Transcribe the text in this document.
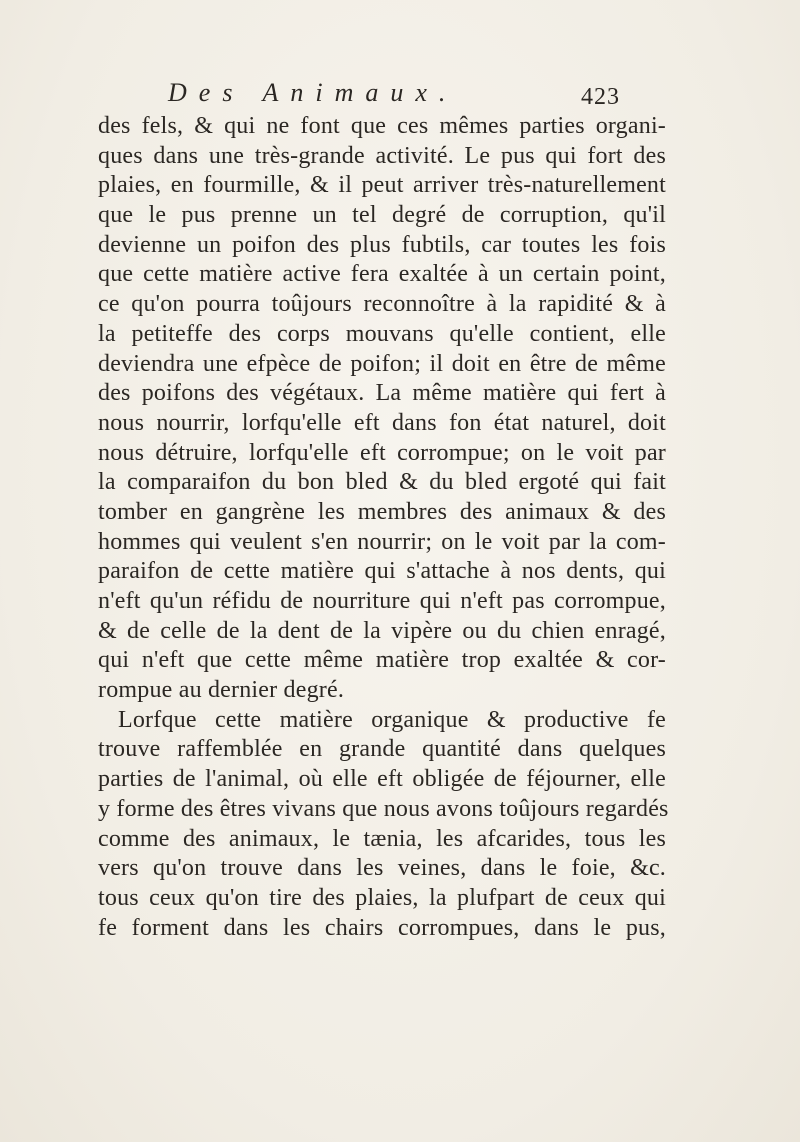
Des Animaux.	423
des fels, & qui ne font que ces mêmes parties organi-
ques dans une très-grande activité. Le pus qui fort des
plaies, en fourmille, & il peut arriver très-naturellement
que le pus prenne un tel degré de corruption, qu'il
devienne un poifon des plus fubtils, car toutes les fois
que cette matière active fera exaltée à un certain point,
ce qu'on pourra toûjours reconnoître à la rapidité & à
la petiteffe des corps mouvans qu'elle contient, elle
deviendra une efpèce de poifon; il doit en être de même
des poifons des végétaux. La même matière qui fert à
nous nourrir, lorfqu'elle eft dans fon état naturel, doit
nous détruire, lorfqu'elle eft corrompue; on le voit par
la comparaifon du bon bled & du bled ergoté qui fait
tomber en gangrène les membres des animaux & des
hommes qui veulent s'en nourrir; on le voit par la com-
paraifon de cette matière qui s'attache à nos dents, qui
n'eft qu'un réfidu de nourriture qui n'eft pas corrompue,
& de celle de la dent de la vipère ou du chien enragé,
qui n'eft que cette même matière trop exaltée & cor-
rompue au dernier degré.
Lorfque cette matière organique & productive fe
trouve raffemblée en grande quantité dans quelques
parties de l'animal, où elle eft obligée de féjourner, elle
y forme des êtres vivans que nous avons toûjours regardés
comme des animaux, le tænia, les afcarides, tous les
vers qu'on trouve dans les veines, dans le foie, &c.
tous ceux qu'on tire des plaies, la plufpart de ceux qui
fe forment dans les chairs corrompues, dans le pus,
